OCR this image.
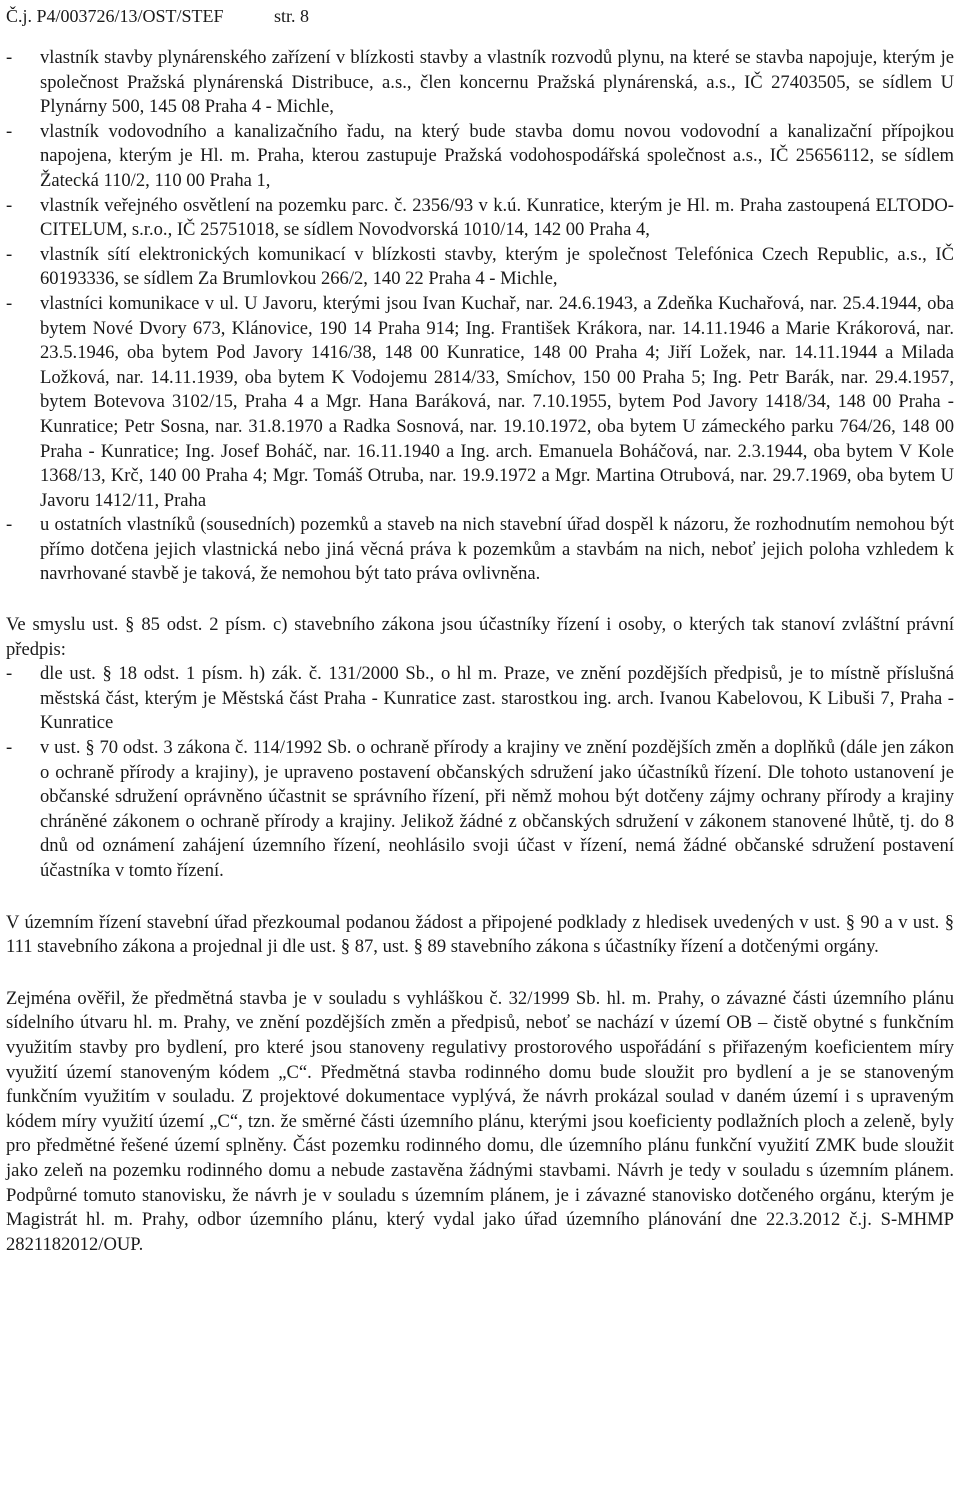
Č.j. P4/003726/13/OST/STEF	str. 8
- vlastník stavby plynárenského zařízení v blízkosti stavby a vlastník rozvodů plynu, na které se stavba napojuje, kterým je společnost Pražská plynárenská Distribuce, a.s., člen koncernu Pražská plynárenská, a.s., IČ 27403505, se sídlem U Plynárny 500, 145 08 Praha 4 - Michle,
- vlastník vodovodního a kanalizačního řadu, na který bude stavba domu novou vodovodní a kanalizační přípojkou napojena, kterým je Hl. m. Praha, kterou zastupuje Pražská vodohospodářská společnost a.s., IČ 25656112, se sídlem Žatecká 110/2, 110 00 Praha 1,
- vlastník veřejného osvětlení na pozemku parc. č. 2356/93 v k.ú. Kunratice, kterým je Hl. m. Praha zastoupená ELTODO-CITELUM, s.r.o., IČ 25751018, se sídlem Novodvorská 1010/14, 142 00 Praha 4,
- vlastník sítí elektronických komunikací v blízkosti stavby, kterým je společnost Telefónica Czech Republic, a.s., IČ 60193336, se sídlem Za Brumlovkou 266/2, 140 22 Praha 4 - Michle,
- vlastníci komunikace v ul. U Javoru, kterými jsou Ivan Kuchař, nar. 24.6.1943, a Zdeňka Kuchařová, nar. 25.4.1944, oba bytem Nové Dvory 673, Klánovice, 190 14 Praha 914; Ing. František Krákora, nar. 14.11.1946 a Marie Krákorová, nar. 23.5.1946, oba bytem Pod Javory 1416/38, 148 00 Kunratice, 148 00 Praha 4; Jiří Ložek, nar. 14.11.1944 a Milada Ložková, nar. 14.11.1939, oba bytem K Vodojemu 2814/33, Smíchov, 150 00 Praha 5; Ing. Petr Barák, nar. 29.4.1957, bytem Botevova 3102/15, Praha 4 a Mgr. Hana Baráková, nar. 7.10.1955, bytem Pod Javory 1418/34, 148 00 Praha - Kunratice; Petr Sosna, nar. 31.8.1970 a Radka Sosnová, nar. 19.10.1972, oba bytem U zámeckého parku 764/26, 148 00 Praha - Kunratice; Ing. Josef Boháč, nar. 16.11.1940 a Ing. arch. Emanuela Boháčová, nar. 2.3.1944, oba bytem V Kole 1368/13, Krč, 140 00 Praha 4; Mgr. Tomáš Otruba, nar. 19.9.1972 a Mgr. Martina Otrubová, nar. 29.7.1969, oba bytem U Javoru 1412/11, Praha
- u ostatních vlastníků (sousedních) pozemků a staveb na nich stavební úřad dospěl k názoru, že rozhodnutím nemohou být přímo dotčena jejich vlastnická nebo jiná věcná práva k pozemkům a stavbám na nich, neboť jejich poloha vzhledem k navrhované stavbě je taková, že nemohou být tato práva ovlivněna.

Ve smyslu ust. § 85 odst. 2 písm. c) stavebního zákona jsou účastníky řízení i osoby, o kterých tak stanoví zvláštní právní předpis:

- dle ust. § 18 odst. 1 písm. h) zák. č. 131/2000 Sb., o hl m. Praze, ve znění pozdějších předpisů, je to místně příslušná městská část, kterým je Městská část Praha - Kunratice zast. starostkou ing. arch. Ivanou Kabelovou, K Libuši 7, Praha - Kunratice
- v ust. § 70 odst. 3 zákona č. 114/1992 Sb. o ochraně přírody a krajiny ve znění pozdějších změn a doplňků (dále jen zákon o ochraně přírody a krajiny), je upraveno postavení občanských sdružení jako účastníků řízení. Dle tohoto ustanovení je občanské sdružení oprávněno účastnit se správního řízení, při němž mohou být dotčeny zájmy ochrany přírody a krajiny chráněné zákonem o ochraně přírody a krajiny. Jelikož žádné z občanských sdružení v zákonem stanovené lhůtě, tj. do 8 dnů od oznámení zahájení územního řízení, neohlásilo svoji účast v řízení, nemá žádné občanské sdružení postavení účastníka v tomto řízení.

V územním řízení stavební úřad přezkoumal podanou žádost a připojené podklady z hledisek uvedených v ust. § 90 a v ust. § 111 stavebního zákona a projednal ji dle ust. § 87, ust. § 89 stavebního zákona s účastníky řízení a dotčenými orgány.

Zejména ověřil, že předmětná stavba je v souladu s vyhláškou č. 32/1999 Sb. hl. m. Prahy, o závazné části územního plánu sídelního útvaru hl. m. Prahy, ve znění pozdějších změn a předpisů, neboť se nachází v území OB – čistě obytné s funkčním využitím stavby pro bydlení, pro které jsou stanoveny regulativy prostorového uspořádání s přiřazeným koeficientem míry využití území stanoveným kódem „C“. Předmětná stavba rodinného domu bude sloužit pro bydlení a je se stanoveným funkčním využitím v souladu. Z projektové dokumentace vyplývá, že návrh prokázal soulad v daném území i s upraveným kódem míry využití území „C“, tzn. že směrné části územního plánu, kterými jsou koeficienty podlažních ploch a zeleně, byly pro předmětné řešené území splněny. Část pozemku rodinného domu, dle územního plánu funkční využití ZMK bude sloužit jako zeleň na pozemku rodinného domu a nebude zastavěna žádnými stavbami. Návrh je tedy v souladu s územním plánem. Podpůrné tomuto stanovisku, že návrh je v souladu s územním plánem, je i závazné stanovisko dotčeného orgánu, kterým je Magistrát hl. m. Prahy, odbor územního plánu, který vydal jako úřad územního plánování dne 22.3.2012 č.j. S-MHMP 2821182012/OUP.
